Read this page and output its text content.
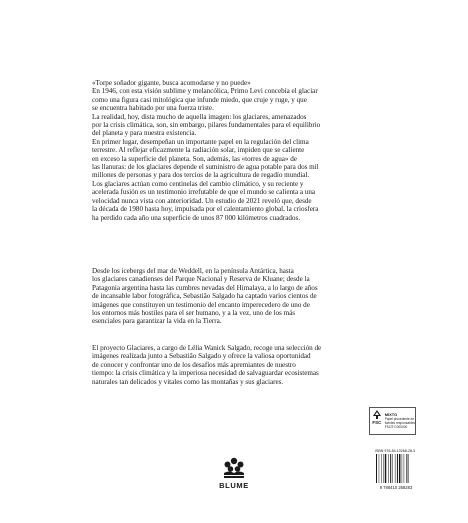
«Torpe soñador gigante, busca acomodarse y no puede»

En 1946, con esta visión sublime y melancólica, Primo Levi concebía el glaciar

como una figura casi mitológica que infunde miedo, que cruje y ruge, y que

se encuentra habitado por una fuerza triste.

La realidad, hoy, dista mucho de aquella imagen: los glaciares, amenazados

por la crisis climática, son, sin embargo, pilares fundamentales para el equilibrio

del planeta y para nuestra existencia.

En primer lugar, desempeñan un importante papel en la regulación del clima

terrestre. Al reflejar eficazmente la radiación solar, impiden que se caliente

en exceso la superficie del planeta. Son, además, las «torres de agua» de

las llanuras: de los glaciares depende el suministro de agua potable para dos mil

millones de personas y para dos tercios de la agricultura de regadío mundial.

Los glaciares actúan como centinelas del cambio climático, y su reciente y

acelerada fusión es un testimonio irrefutable de que el mundo se calienta a una

velocidad nunca vista con anterioridad. Un estudio de 2021 reveló que, desde

la década de 1980 hasta hoy, impulsada por el calentamiento global, la criosfera

ha perdido cada año una superficie de unos 87 000 kilómetros cuadrados.

Desde los icebergs del mar de Weddell, en la península Antártica, hasta

los glaciares canadienses del Parque Nacional y Reserva de Kluane; desde la

Patagonia argentina hasta las cumbres nevadas del Himalaya, a lo largo de años

de incansable labor fotográfica, Sebastião Salgado ha captado varios cientos de

imágenes que constituyen un testimonio del encanto imperecedero de uno de

los entornos más hostiles para el ser humano, y a la vez, uno de los más

esenciales para garantizar la vida en la Tierra.

El proyecto Glaciares, a cargo de Lélia Wanick Salgado, recoge una selección de

imágenes realizada junto a Sebastião Salgado y ofrece la valiosa oportunidad

de conocer y confrontar uno de los desafíos más apremiantes de nuestro

tiempo: la crisis climática y la imperiosa necesidad de salvaguardar ecosistemas

naturales tan delicados y vitales como las montañas y sus glaciares.

FSC
MIXTO
Papel procedente de
fuentes responsables
FSC® C000000
BLUME
ISBN 978-84-10268-28-3
9 788410 268283
